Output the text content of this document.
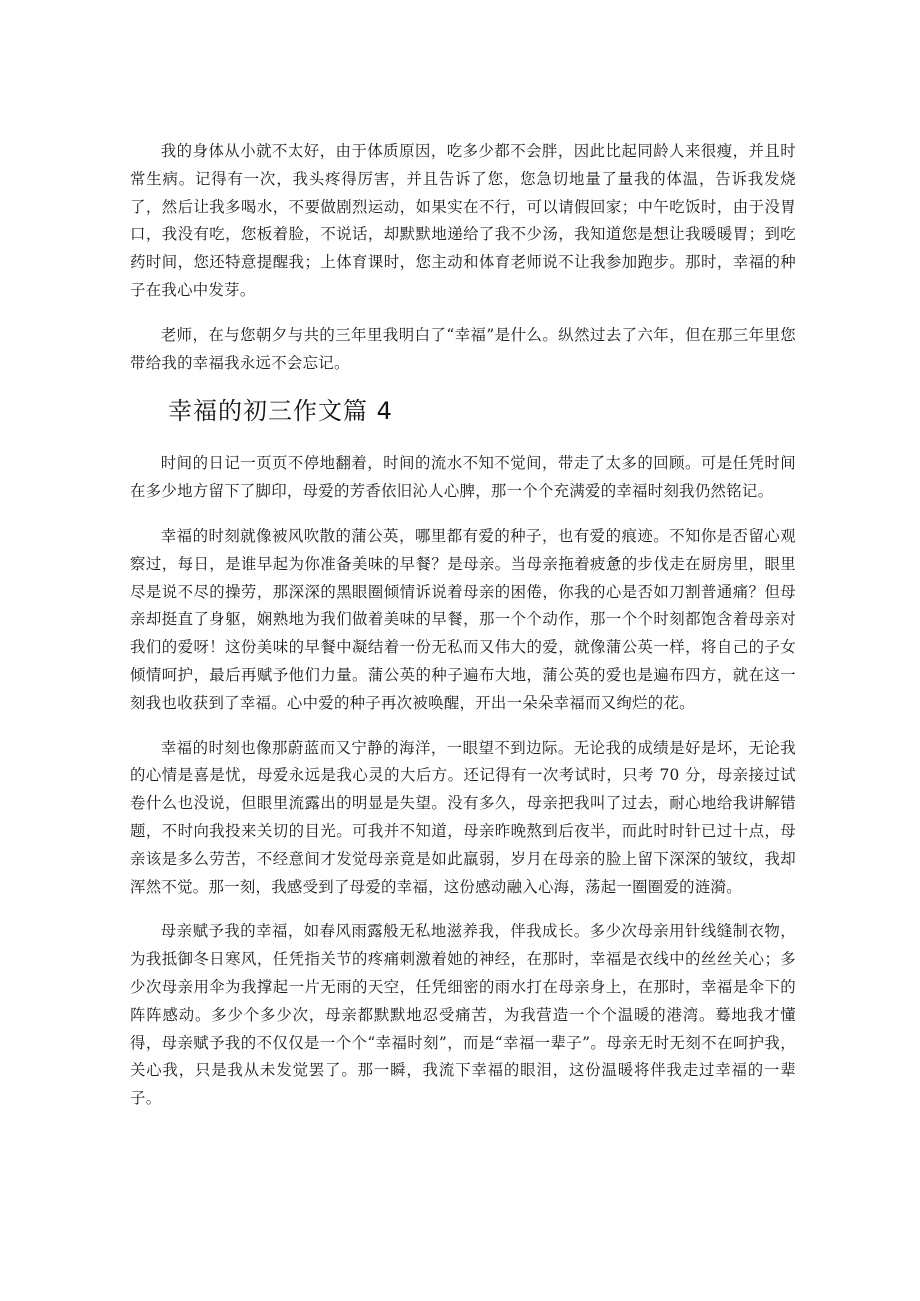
我的身体从小就不太好，由于体质原因，吃多少都不会胖，因此比起同龄人来很瘦，并且时常生病。记得有一次，我头疼得厉害，并且告诉了您，您急切地量了量我的体温，告诉我发烧了，然后让我多喝水，不要做剧烈运动，如果实在不行，可以请假回家；中午吃饭时，由于没胃口，我没有吃，您板着脸，不说话，却默默地递给了我不少汤，我知道您是想让我暖暖胃；到吃药时间，您还特意提醒我；上体育课时，您主动和体育老师说不让我参加跑步。那时，幸福的种子在我心中发芽。

老师，在与您朝夕与共的三年里我明白了“幸福”是什么。纵然过去了六年，但在那三年里您带给我的幸福我永远不会忘记。

幸福的初三作文篇 4

时间的日记一页页不停地翻着，时间的流水不知不觉间，带走了太多的回顾。可是任凭时间在多少地方留下了脚印，母爱的芳香依旧沁人心脾，那一个个充满爱的幸福时刻我仍然铭记。

幸福的时刻就像被风吹散的蒲公英，哪里都有爱的种子，也有爱的痕迹。不知你是否留心观察过，每日，是谁早起为你准备美味的早餐？是母亲。当母亲拖着疲惫的步伐走在厨房里，眼里尽是说不尽的操劳，那深深的黑眼圈倾情诉说着母亲的困倦，你我的心是否如刀割普通痛？但母亲却挺直了身躯，娴熟地为我们做着美味的早餐，那一个个动作，那一个个时刻都饱含着母亲对我们的爱呀！这份美味的早餐中凝结着一份无私而又伟大的爱，就像蒲公英一样，将自己的子女倾情呵护，最后再赋予他们力量。蒲公英的种子遍布大地，蒲公英的爱也是遍布四方，就在这一刻我也收获到了幸福。心中爱的种子再次被唤醒，开出一朵朵幸福而又绚烂的花。

幸福的时刻也像那蔚蓝而又宁静的海洋，一眼望不到边际。无论我的成绩是好是坏，无论我的心情是喜是忧，母爱永远是我心灵的大后方。还记得有一次考试时，只考 70 分，母亲接过试卷什么也没说，但眼里流露出的明显是失望。没有多久，母亲把我叫了过去，耐心地给我讲解错题，不时向我投来关切的目光。可我并不知道，母亲昨晚熬到后夜半，而此时时针已过十点，母亲该是多么劳苦，不经意间才发觉母亲竟是如此羸弱，岁月在母亲的脸上留下深深的皱纹，我却浑然不觉。那一刻，我感受到了母爱的幸福，这份感动融入心海，荡起一圈圈爱的涟漪。

母亲赋予我的幸福，如春风雨露般无私地滋养我，伴我成长。多少次母亲用针线缝制衣物，为我抵御冬日寒风，任凭指关节的疼痛刺激着她的神经，在那时，幸福是衣线中的丝丝关心；多少次母亲用伞为我撑起一片无雨的天空，任凭细密的雨水打在母亲身上，在那时，幸福是伞下的阵阵感动。多少个多少次，母亲都默默地忍受痛苦，为我营造一个个温暖的港湾。蓦地我才懂得，母亲赋予我的不仅仅是一个个“幸福时刻”，而是“幸福一辈子”。母亲无时无刻不在呵护我，关心我，只是我从未发觉罢了。那一瞬，我流下幸福的眼泪，这份温暖将伴我走过幸福的一辈子。
